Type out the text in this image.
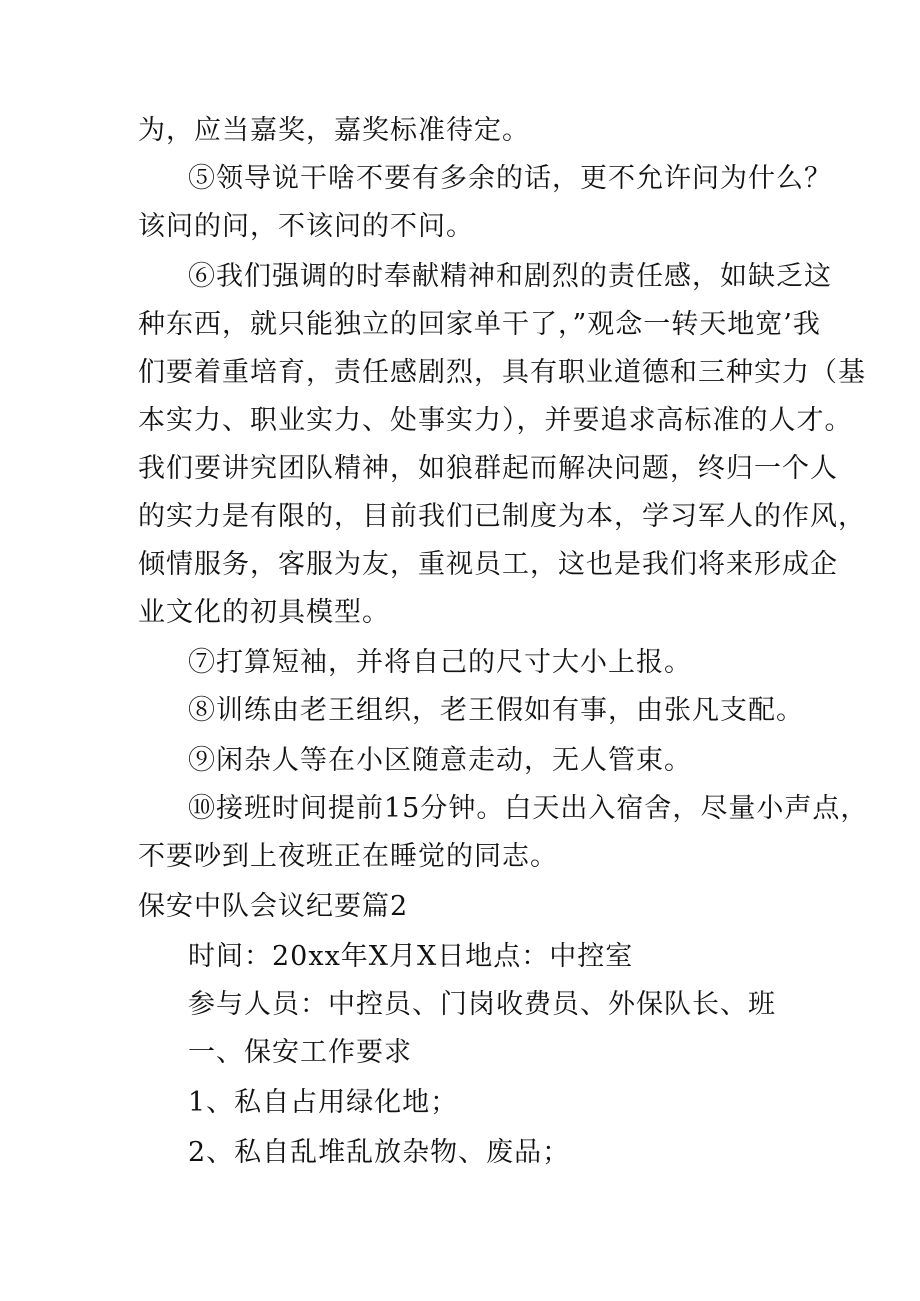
为，应当嘉奖，嘉奖标准待定。
⑤领导说干啥不要有多余的话，更不允许问为什么？
该问的问，不该问的不问。
⑥我们强调的时奉献精神和剧烈的责任感，如缺乏这
种东西，就只能独立的回家单干了，”观念一转天地宽’我
们要着重培育，责任感剧烈，具有职业道德和三种实力（基
本实力、职业实力、处事实力），并要追求高标准的人才。
我们要讲究团队精神，如狼群起而解决问题，终归一个人
的实力是有限的，目前我们已制度为本，学习军人的作风，
倾情服务，客服为友，重视员工，这也是我们将来形成企
业文化的初具模型。
⑦打算短袖，并将自己的尺寸大小上报。
⑧训练由老王组织，老王假如有事，由张凡支配。
⑨闲杂人等在小区随意走动，无人管束。
⑩接班时间提前15分钟。白天出入宿舍，尽量小声点，
不要吵到上夜班正在睡觉的同志。
保安中队会议纪要篇2
时间：20xx年X月X日地点：中控室
参与人员：中控员、门岗收费员、外保队长、班
一、保安工作要求
1、私自占用绿化地；
2、私自乱堆乱放杂物、废品；
